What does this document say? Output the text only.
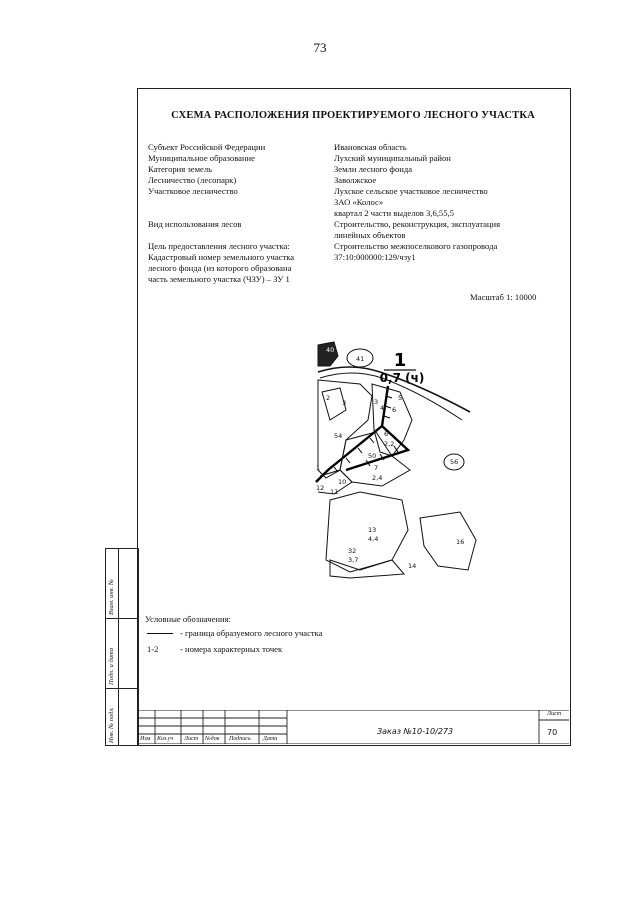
73
СХЕМА РАСПОЛОЖЕНИЯ ПРОЕКТИРУЕМОГО ЛЕСНОГО УЧАСТКА
Субъект Российской Федерации	Ивановская область
Муниципальное образование	Лухский муниципальный район
Категория земель	Земли лесного фонда
Лесничество (лесопарк)	Заволжское
Участковое лесничество	Лухское сельское участковое лесничество
ЗАО «Колос»
квартал 2 части выделов 3,6,55,5
Вид использования лесов	Строительство, реконструкция, эксплуатация
линейных объектов
Цель предоставления лесного участка:	Строительство межпоселкового газопровода
Кадастровый номер земельного участка	37:10:000000:129/чзу1
лесного фонда (из которого образована
часть земельного участка (ЧЗУ) – ЗУ 1
Масштаб 1: 10000
1
0,7 (ч)
40
41
2
3	3
4 6
5
54	6
2,2
50
56
7
2,4
10
12 11
1
13
4,4	16
32
3,7
14
Условные обозначения:
- граница образуемого лесного участка
1-2	- номера характерных точек
Взам. инв. №
Подп. и дата
Инв. № подл.	Изм	Кол.уч Лист №док Подпись Дата
Заказ №10-10/273
Лист
70
